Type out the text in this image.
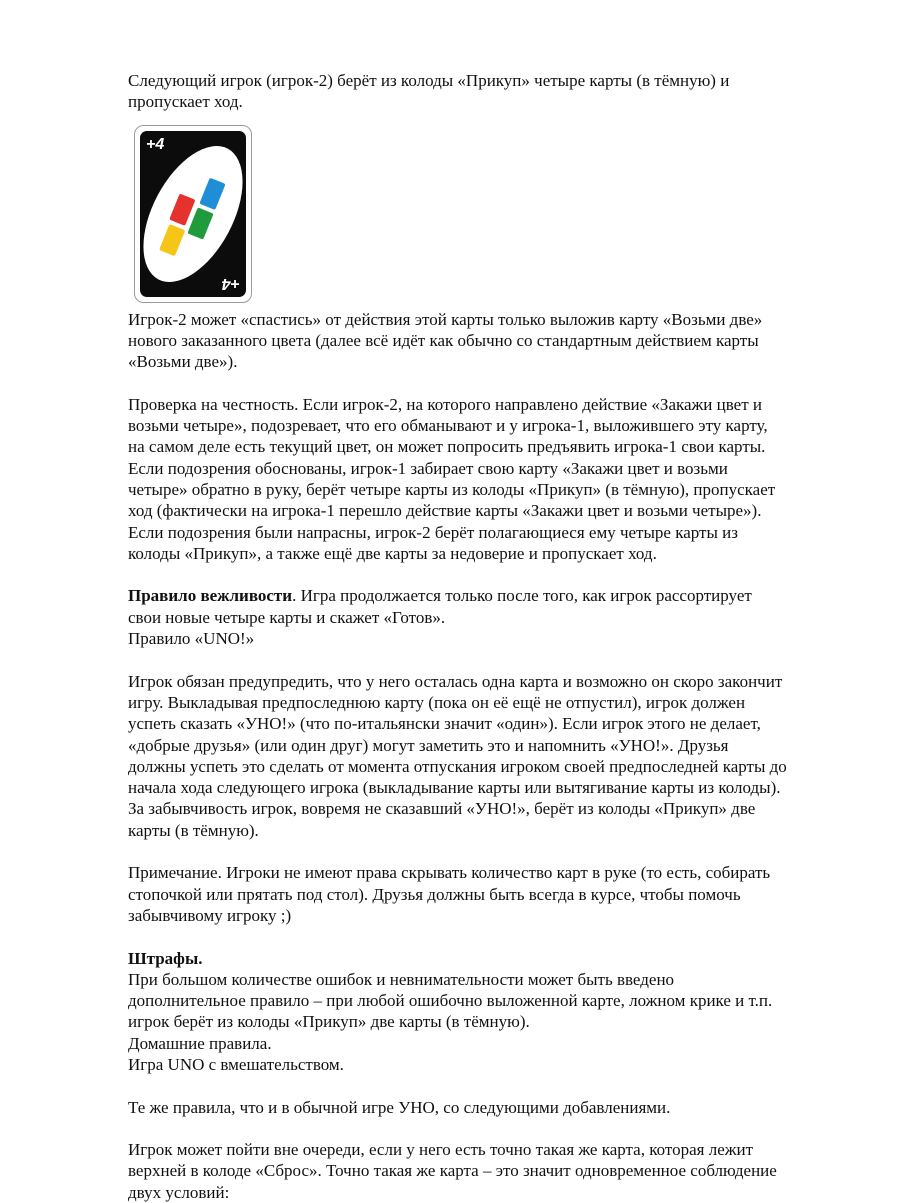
Следующий игрок (игрок-2) берёт из колоды «Прикуп» четыре карты (в тёмную) и
пропускает ход.

+4
+4

Игрок-2 может «спастись» от действия этой карты только выложив карту «Возьми две»
нового заказанного цвета (далее всё идёт как обычно со стандартным действием карты
«Возьми две»).

Проверка на честность. Если игрок-2, на которого направлено действие «Закажи цвет и
возьми четыре», подозревает, что его обманывают и у игрока-1, выложившего эту карту,
на самом деле есть текущий цвет, он может попросить предъявить игрока-1 свои карты.
Если подозрения обоснованы, игрок-1 забирает свою карту «Закажи цвет и возьми
четыре» обратно в руку, берёт четыре карты из колоды «Прикуп» (в тёмную), пропускает
ход (фактически на игрока-1 перешло действие карты «Закажи цвет и возьми четыре»).
Если подозрения были напрасны, игрок-2 берёт полагающиеся ему четыре карты из
колоды «Прикуп», а также ещё две карты за недоверие и пропускает ход.

Правило вежливости. Игра продолжается только после того, как игрок рассортирует
свои новые четыре карты и скажет «Готов».
Правило «UNO!»

Игрок обязан предупредить, что у него осталась одна карта и возможно он скоро закончит
игру. Выкладывая предпоследнюю карту (пока он её ещё не отпустил), игрок должен
успеть сказать «УНО!» (что по-итальянски значит «один»). Если игрок этого не делает,
«добрые друзья» (или один друг) могут заметить это и напомнить «УНО!». Друзья
должны успеть это сделать от момента отпускания игроком своей предпоследней карты до
начала хода следующего игрока (выкладывание карты или вытягивание карты из колоды).
За забывчивость игрок, вовремя не сказавший «УНО!», берёт из колоды «Прикуп» две
карты (в тёмную).

Примечание. Игроки не имеют права скрывать количество карт в руке (то есть, собирать
стопочкой или прятать под стол). Друзья должны быть всегда в курсе, чтобы помочь
забывчивому игроку ;)

Штрафы.
При большом количестве ошибок и невнимательности может быть введено
дополнительное правило – при любой ошибочно выложенной карте, ложном крике и т.п.
игрок берёт из колоды «Прикуп» две карты (в тёмную).
Домашние правила.
Игра UNO с вмешательством.

Те же правила, что и в обычной игре УНО, со следующими добавлениями.

Игрок может пойти вне очереди, если у него есть точно такая же карта, которая лежит
верхней в колоде «Сброс». Точно такая же карта – это значит одновременное соблюдение
двух условий:
